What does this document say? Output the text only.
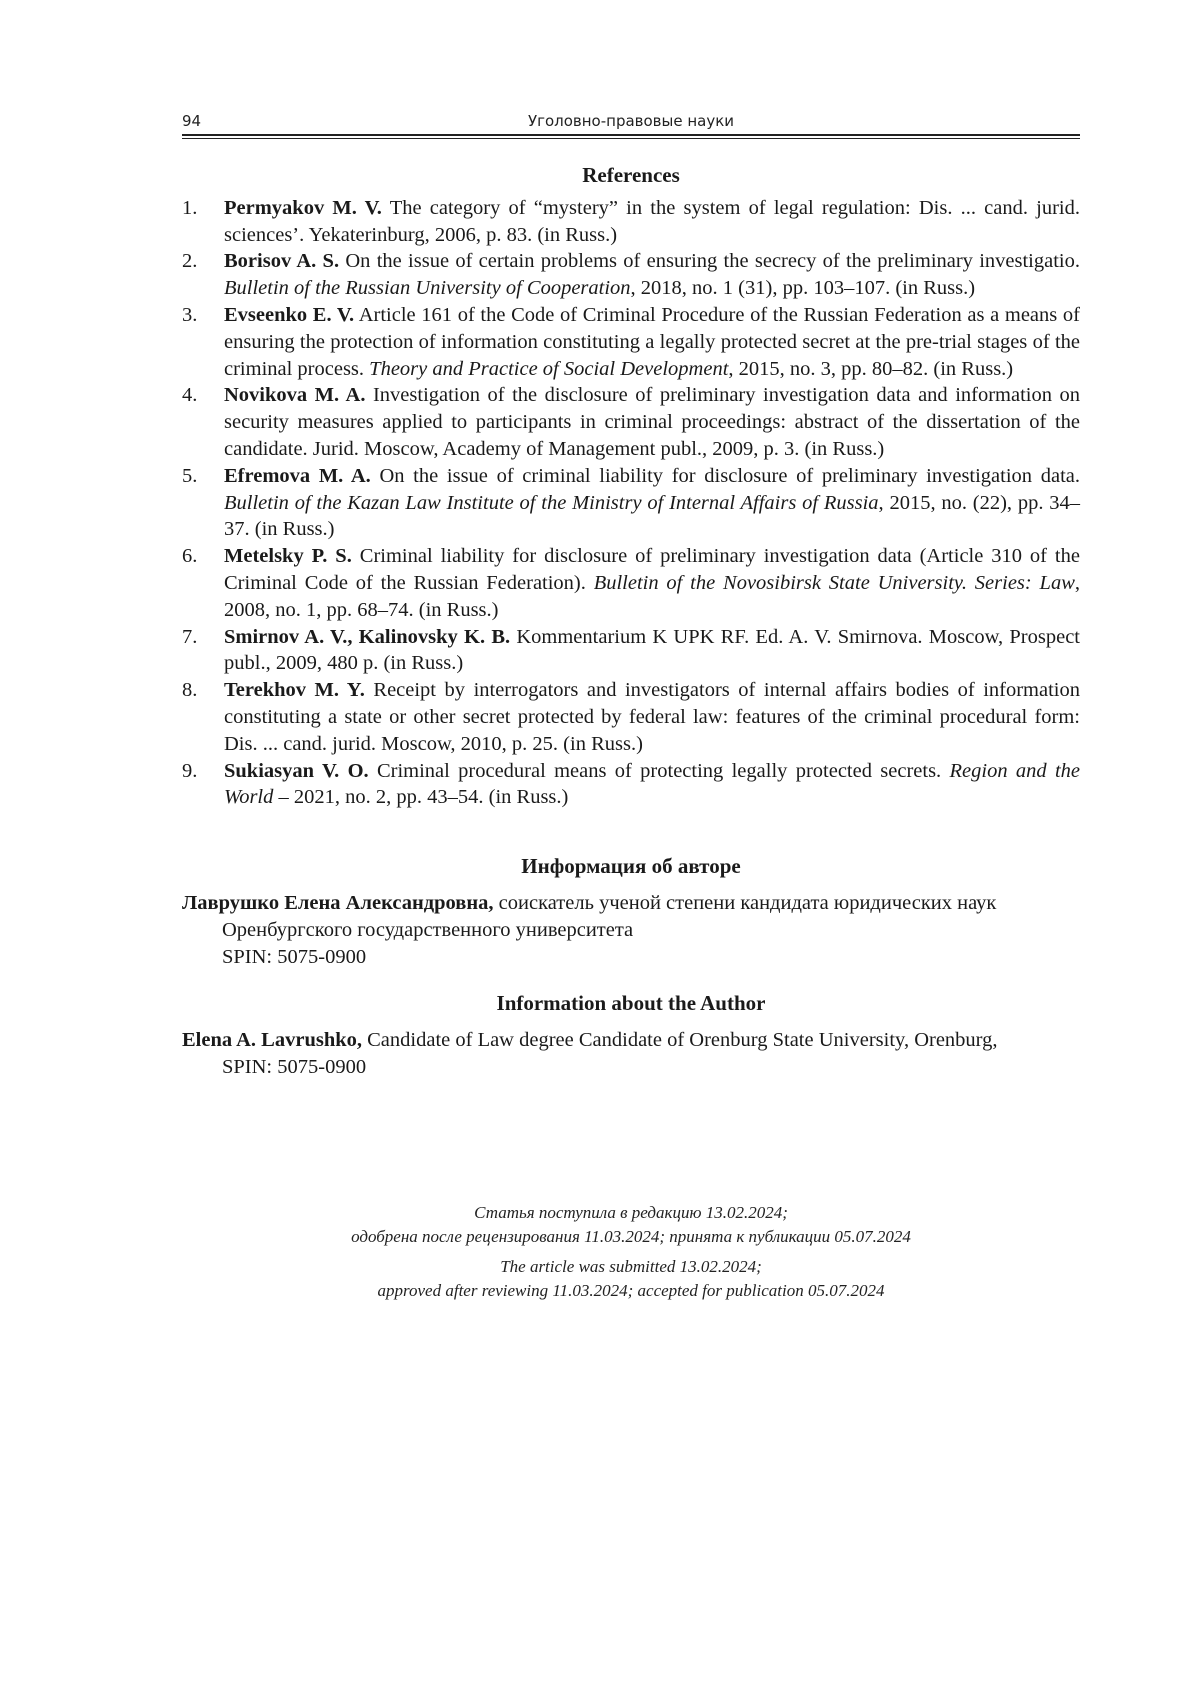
94	Уголовно-правовые науки
References
1. Permyakov M. V. The category of “mystery” in the system of legal regulation: Dis. ... cand. jurid. sciences’. Yekaterinburg, 2006, p. 83. (in Russ.)
2. Borisov A. S. On the issue of certain problems of ensuring the secrecy of the preliminary investigatio. Bulletin of the Russian University of Cooperation, 2018, no. 1 (31), pp. 103–107. (in Russ.)
3. Evseenko E. V. Article 161 of the Code of Criminal Procedure of the Russian Federation as a means of ensuring the protection of information constituting a legally protected secret at the pre-trial stages of the criminal process. Theory and Practice of Social Development, 2015, no. 3, pp. 80–82. (in Russ.)
4. Novikova M. A. Investigation of the disclosure of preliminary investigation data and information on security measures applied to participants in criminal proceedings: abstract of the dissertation of the candidate. Jurid. Moscow, Academy of Management publ., 2009, p. 3. (in Russ.)
5. Efremova M. A. On the issue of criminal liability for disclosure of preliminary investigation data. Bulletin of the Kazan Law Institute of the Ministry of Internal Affairs of Russia, 2015, no. (22), pp. 34–37. (in Russ.)
6. Metelsky P. S. Criminal liability for disclosure of preliminary investigation data (Article 310 of the Criminal Code of the Russian Federation). Bulletin of the Novosibirsk State University. Series: Law, 2008, no. 1, pp. 68–74. (in Russ.)
7. Smirnov A. V., Kalinovsky K. B. Kommentarium K UPK RF. Ed. A. V. Smirnova. Moscow, Prospect publ., 2009, 480 p. (in Russ.)
8. Terekhov M. Y. Receipt by interrogators and investigators of internal affairs bodies of information constituting a state or other secret protected by federal law: features of the criminal procedural form: Dis. ... cand. jurid. Moscow, 2010, p. 25. (in Russ.)
9. Sukiasyan V. O. Criminal procedural means of protecting legally protected secrets. Region and the World – 2021, no. 2, pp. 43–54. (in Russ.)
Информация об авторе
Лаврушко Елена Александровна, соискатель ученой степени кандидата юридических наук Оренбургского государственного университета
SPIN: 5075-0900
Information about the Author
Elena A. Lavrushko, Candidate of Law degree Candidate of Orenburg State University, Orenburg,
SPIN: 5075-0900
Статья поступила в редакцию 13.02.2024;
одобрена после рецензирования 11.03.2024; принята к публикации 05.07.2024
The article was submitted 13.02.2024;
approved after reviewing 11.03.2024; accepted for publication 05.07.2024
